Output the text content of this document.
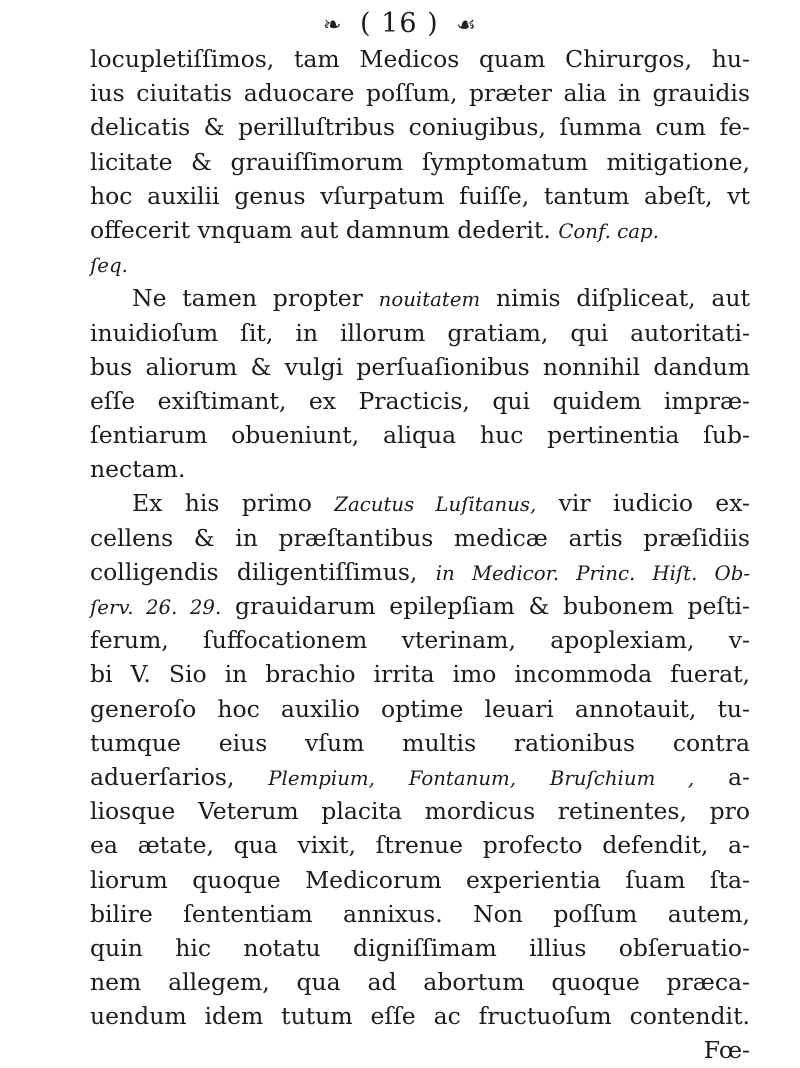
❧ ( 16 ) ☙
locupletiſſimos, tam Medicos quam Chirurgos, hu-
ius ciuitatis aduocare poſſum, præter alia in grauidis
delicatis & perilluſtribus coniugibus, ſumma cum fe-
licitate & grauiſſimorum ſymptomatum mitigatione,
hoc auxilii genus vſurpatum fuiſſe, tantum abeſt, vt
offecerit vnquam aut damnum dederit. Conf. cap.
ſeq.
Ne tamen propter nouitatem nimis diſpliceat, aut
inuidioſum ſit, in illorum gratiam, qui autoritati-
bus aliorum & vulgi perſuaſionibus nonnihil dandum
eſſe exiſtimant, ex Practicis, qui quidem impræ-
ſentiarum obueniunt, aliqua huc pertinentia ſub-
nectam.
Ex his primo Zacutus Luſitanus, vir iudicio ex-
cellens & in præſtantibus medicæ artis præſidiis
colligendis diligentiſſimus, in Medicor. Princ. Hiſt. Ob-
ſerv. 26. 29. grauidarum epilepſiam & bubonem peſti-
ferum, ſuffocationem vterinam, apoplexiam, v-
bi V. Sio in brachio irrita imo incommoda fuerat,
generoſo hoc auxilio optime leuari annotauit, tu-
tumque eius vſum multis rationibus contra
aduerſarios, Plempium, Fontanum, Bruſchium , a-
liosque Veterum placita mordicus retinentes, pro
ea ætate, qua vixit, ſtrenue profecto defendit, a-
liorum quoque Medicorum experientia ſuam ſta-
bilire ſententiam annixus. Non poſſum autem,
quin hic notatu digniſſimam illius obſeruatio-
nem allegem, qua ad abortum quoque præca-
uendum idem tutum eſſe ac fructuoſum contendit.
Fœ-
